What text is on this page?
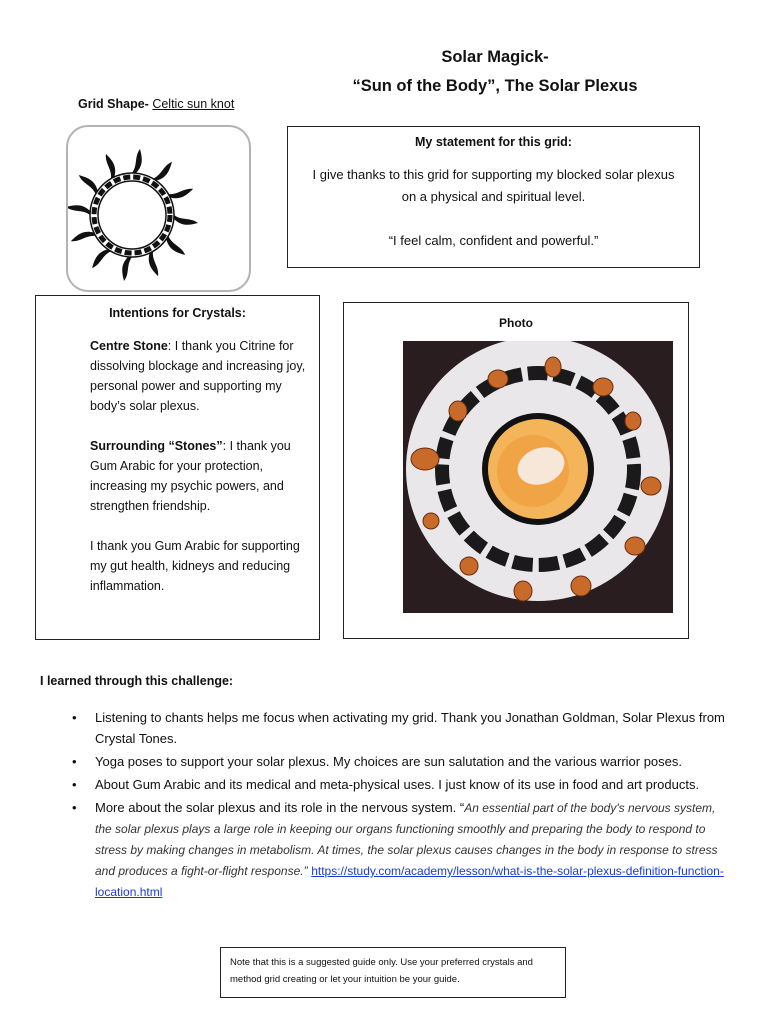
Solar Magick-
“Sun of the Body”, The Solar Plexus
Grid Shape- Celtic sun knot
My statement for this grid:
I give thanks to this grid for supporting my blocked solar plexus
on a physical and spiritual level.
“I feel calm, confident and powerful.”
Intentions for Crystals:
Centre Stone: I thank you Citrine for dissolving blockage and increasing joy, personal power and supporting my body’s solar plexus.
Surrounding “Stones”: I thank you Gum Arabic for your protection, increasing my psychic powers, and strengthen friendship.
I thank you Gum Arabic for supporting my gut health, kidneys and reducing inflammation.
Photo
I learned through this challenge:
• Listening to chants helps me focus when activating my grid. Thank you Jonathan Goldman, Solar Plexus from Crystal Tones.
• Yoga poses to support your solar plexus. My choices are sun salutation and the various warrior poses.
• About Gum Arabic and its medical and meta-physical uses. I just know of its use in food and art products.
• More about the solar plexus and its role in the nervous system. “An essential part of the body's nervous system, the solar plexus plays a large role in keeping our organs functioning smoothly and preparing the body to respond to stress by making changes in metabolism. At times, the solar plexus causes changes in the body in response to stress and produces a fight-or-flight response.” https://study.com/academy/lesson/what-is-the-solar-plexus-definition-function-location.html
Note that this is a suggested guide only. Use your preferred crystals and method grid creating or let your intuition be your guide.
